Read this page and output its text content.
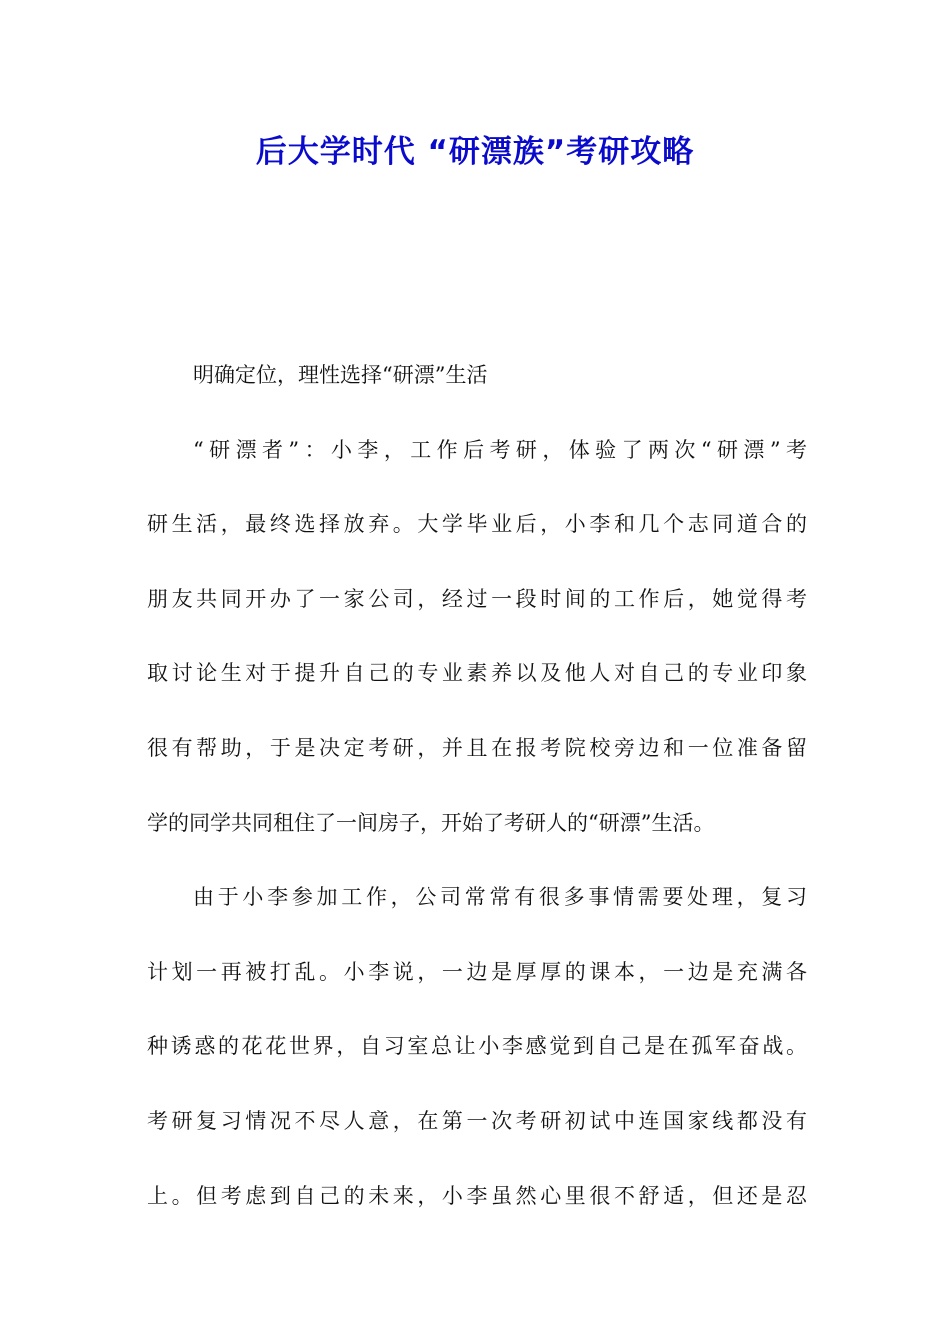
后大学时代 “研漂族”考研攻略
明确定位，理性选择“研漂”生活
“研漂者”：小李，工作后考研，体验了两次“研漂”考
研生活，最终选择放弃。大学毕业后，小李和几个志同道合的
朋友共同开办了一家公司，经过一段时间的工作后，她觉得考
取讨论生对于提升自己的专业素养以及他人对自己的专业印象
很有帮助，于是决定考研，并且在报考院校旁边和一位准备留
学的同学共同租住了一间房子，开始了考研人的“研漂”生活。
由于小李参加工作，公司常常有很多事情需要处理，复习
计划一再被打乱。小李说，一边是厚厚的课本，一边是充满各
种诱惑的花花世界，自习室总让小李感觉到自己是在孤军奋战。
考研复习情况不尽人意，在第一次考研初试中连国家线都没有
上。但考虑到自己的未来，小李虽然心里很不舒适，但还是忍
